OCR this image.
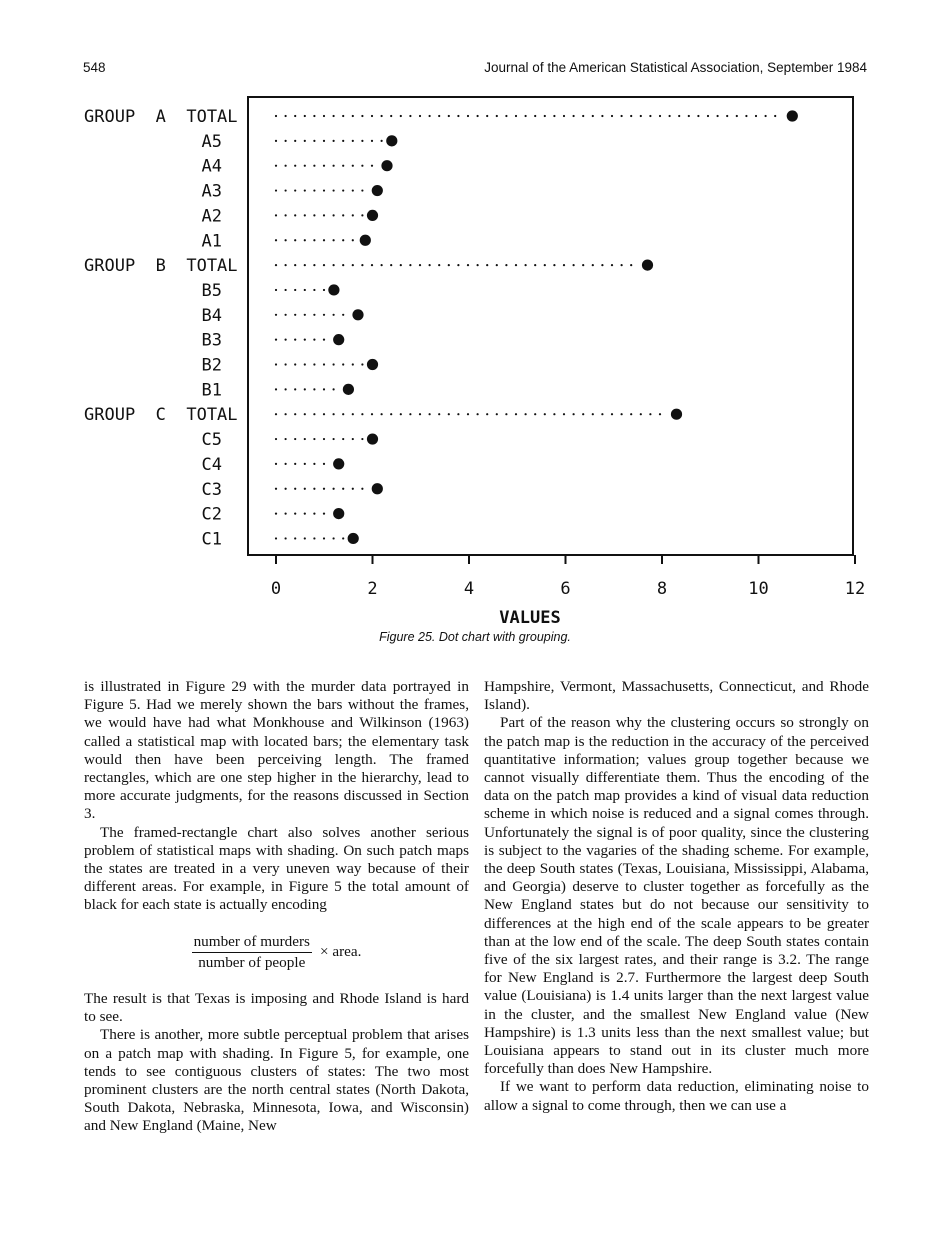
548	Journal of the American Statistical Association, September 1984
GROUP  A  TOTAL
A5
A4
A3
A2
A1
GROUP  B  TOTAL
B5
B4
B3
B2
B1
GROUP  C  TOTAL
C5
C4
C3
C2
C1
0	2	4	6	8	10	12
VALUES
Figure 25. Dot chart with grouping.

is illustrated in Figure 29 with the murder data portrayed in Figure 5. Had we merely shown the bars without the frames, we would have had what Monkhouse and Wilkinson (1963) called a statistical map with located bars; the elementary task would then have been perceiving length. The framed rectangles, which are one step higher in the hierarchy, lead to more accurate judgments, for the reasons discussed in Section 3.

The framed-rectangle chart also solves another serious problem of statistical maps with shading. On such patch maps the states are treated in a very uneven way because of their different areas. For example, in Figure 5 the total amount of black for each state is actually encoding

$\frac{\text{number of murders}}{\text{number of people}}$ × area.

The result is that Texas is imposing and Rhode Island is hard to see.

There is another, more subtle perceptual problem that arises on a patch map with shading. In Figure 5, for example, one tends to see contiguous clusters of states: The two most prominent clusters are the north central states (North Dakota, South Dakota, Nebraska, Minnesota, Iowa, and Wisconsin) and New England (Maine, New

Hampshire, Vermont, Massachusetts, Connecticut, and Rhode Island).

Part of the reason why the clustering occurs so strongly on the patch map is the reduction in the accuracy of the perceived quantitative information; values group together because we cannot visually differentiate them. Thus the encoding of the data on the patch map provides a kind of visual data reduction scheme in which noise is reduced and a signal comes through. Unfortunately the signal is of poor quality, since the clustering is subject to the vagaries of the shading scheme. For example, the deep South states (Texas, Louisiana, Mississippi, Alabama, and Georgia) deserve to cluster together as forcefully as the New England states but do not because our sensitivity to differences at the high end of the scale appears to be greater than at the low end of the scale. The deep South states contain five of the six largest rates, and their range is 3.2. The range for New England is 2.7. Furthermore the largest deep South value (Louisiana) is 1.4 units larger than the next largest value in the cluster, and the smallest New England value (New Hampshire) is 1.3 units less than the next smallest value; but Louisiana appears to stand out in its cluster much more forcefully than does New Hampshire.

If we want to perform data reduction, eliminating noise to allow a signal to come through, then we can use a
